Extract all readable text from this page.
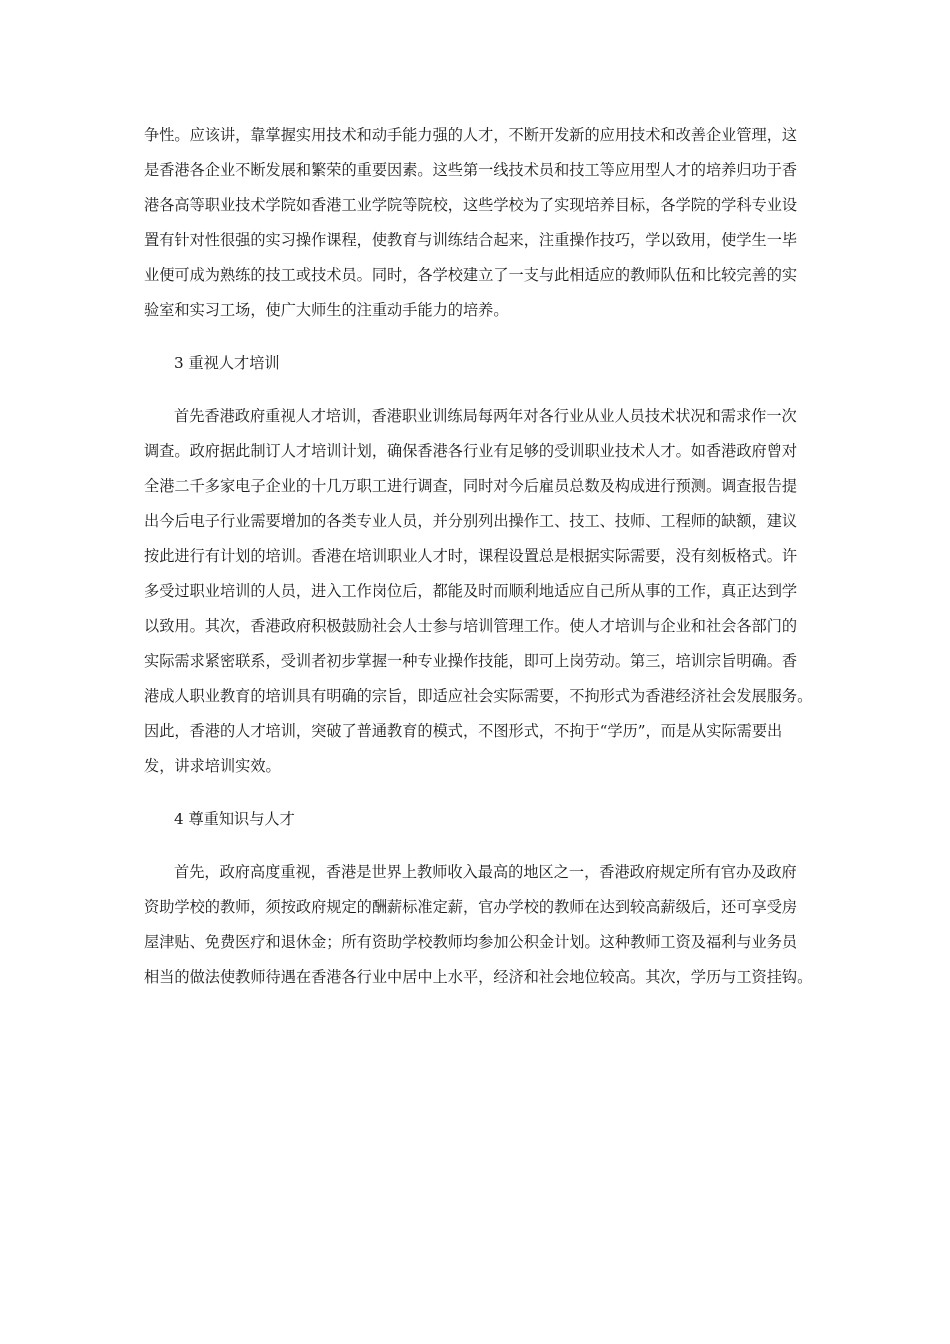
争性。应该讲，靠掌握实用技术和动手能力强的人才，不断开发新的应用技术和改善企业管理，这
是香港各企业不断发展和繁荣的重要因素。这些第一线技术员和技工等应用型人才的培养归功于香
港各高等职业技术学院如香港工业学院等院校，这些学校为了实现培养目标，各学院的学科专业设
置有针对性很强的实习操作课程，使教育与训练结合起来，注重操作技巧，学以致用，使学生一毕
业便可成为熟练的技工或技术员。同时，各学校建立了一支与此相适应的教师队伍和比较完善的实
验室和实习工场，使广大师生的注重动手能力的培养。
3 重视人才培训
首先香港政府重视人才培训，香港职业训练局每两年对各行业从业人员技术状况和需求作一次
调查。政府据此制订人才培训计划，确保香港各行业有足够的受训职业技术人才。如香港政府曾对
全港二千多家电子企业的十几万职工进行调查，同时对今后雇员总数及构成进行预测。调查报告提
出今后电子行业需要增加的各类专业人员，并分别列出操作工、技工、技师、工程师的缺额，建议
按此进行有计划的培训。香港在培训职业人才时，课程设置总是根据实际需要，没有刻板格式。许
多受过职业培训的人员，进入工作岗位后，都能及时而顺利地适应自己所从事的工作，真正达到学
以致用。其次，香港政府积极鼓励社会人士参与培训管理工作。使人才培训与企业和社会各部门的
实际需求紧密联系，受训者初步掌握一种专业操作技能，即可上岗劳动。第三，培训宗旨明确。香
港成人职业教育的培训具有明确的宗旨，即适应社会实际需要，不拘形式为香港经济社会发展服务。
因此，香港的人才培训，突破了普通教育的模式，不图形式，不拘于“学历”，而是从实际需要出
发，讲求培训实效。
4 尊重知识与人才
首先，政府高度重视，香港是世界上教师收入最高的地区之一，香港政府规定所有官办及政府
资助学校的教师，须按政府规定的酬薪标准定薪，官办学校的教师在达到较高薪级后，还可享受房
屋津贴、免费医疗和退休金；所有资助学校教师均参加公积金计划。这种教师工资及福利与业务员
相当的做法使教师待遇在香港各行业中居中上水平，经济和社会地位较高。其次，学历与工资挂钩。
